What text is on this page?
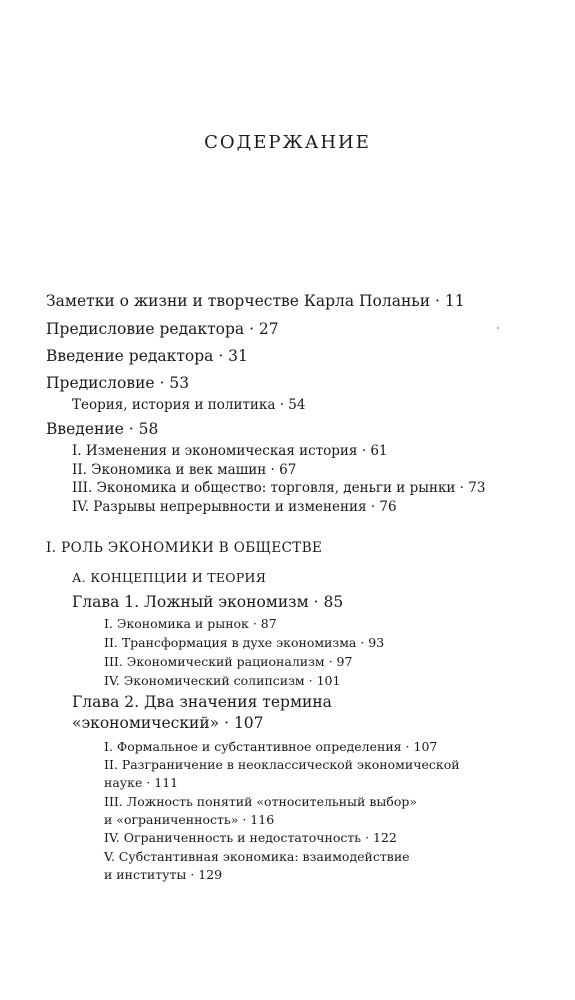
СОДЕРЖАНИЕ
Заметки о жизни и творчестве Карла Поланьи · 11
Предисловие редактора · 27
Введение редактора · 31
Предисловие · 53
Теория, история и политика · 54
Введение · 58
I. Изменения и экономическая история · 61
II. Экономика и век машин · 67
III. Экономика и общество: торговля, деньги и рынки · 73
IV. Разрывы непрерывности и изменения · 76
I. РОЛЬ ЭКОНОМИКИ В ОБЩЕСТВЕ
А. КОНЦЕПЦИИ И ТЕОРИЯ
Глава 1. Ложный экономизм · 85
I. Экономика и рынок · 87
II. Трансформация в духе экономизма · 93
III. Экономический рационализм · 97
IV. Экономический солипсизм · 101
Глава 2. Два значения термина
«экономический» · 107
I. Формальное и субстантивное определения · 107
II. Разграничение в неоклассической экономической
науке · 111
III. Ложность понятий «относительный выбор»
и «ограниченность» · 116
IV. Ограниченность и недостаточность · 122
V. Субстантивная экономика: взаимодействие
и институты · 129
